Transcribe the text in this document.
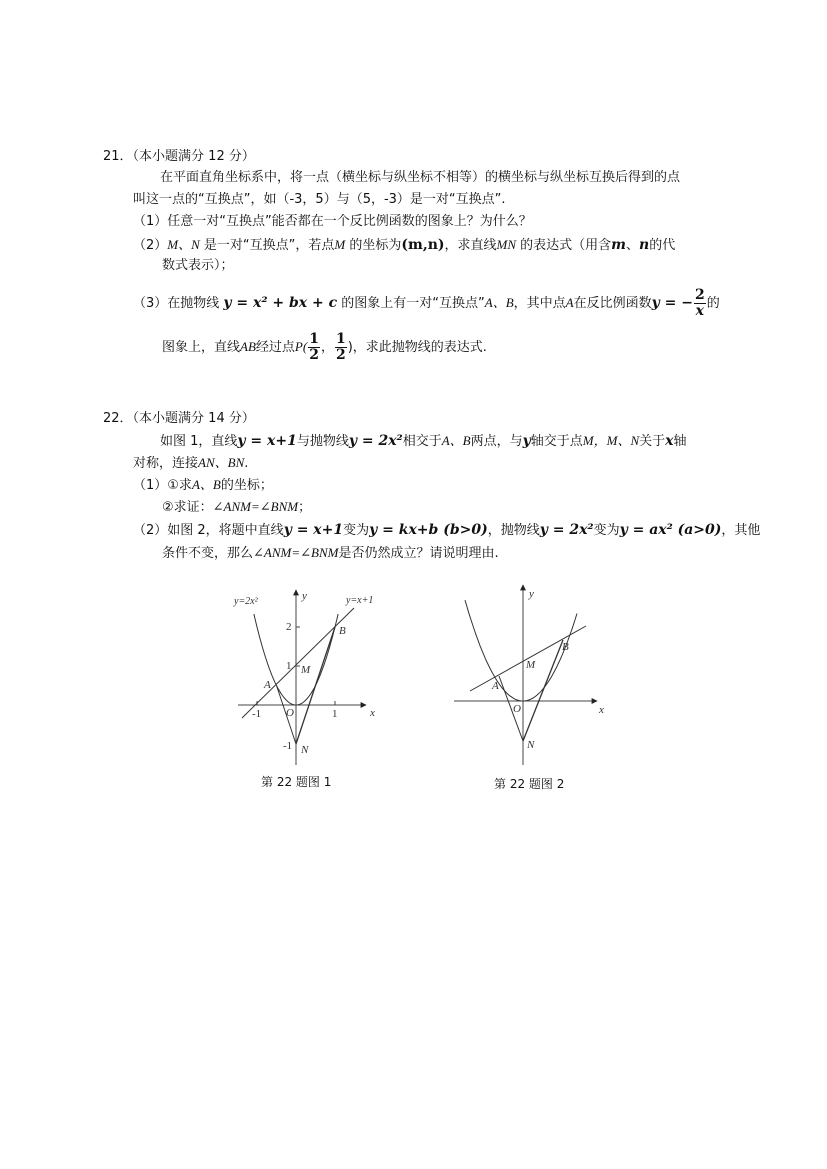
21．（本小题满分 12 分）
在平面直角坐标系中，将一点（横坐标与纵坐标不相等）的横坐标与纵坐标互换后得到的点
叫这一点的“互换点”，如（-3，5）与（5，-3）是一对“互换点”.
（1）任意一对“互换点”能否都在一个反比例函数的图象上？为什么？
（2）M、N 是一对“互换点”，若点M 的坐标为(m,n)，求直线MN 的表达式（用含m、n的代
数式表示）；
（3）在抛物线 y = x² + bx + c 的图象上有一对“互换点”A、B，其中点A在反比例函数y = − $\frac{2}{x}$ 的
图象上，直线AB经过点$P( \frac{1}{2}$ ， $\frac{1}{2}$ )，求此抛物线的表达式.
22．（本小题满分 14 分）
如图 1，直线y = x+1与抛物线y = 2x²相交于A、B两点，与y轴交于点M，M、N关于x轴
对称，连接AN、BN.
（1）①求A、B的坐标；
②求证：∠ANM=∠BNM；
（2）如图 2，将题中直线y = x+1变为y = kx+b (b>0)，抛物线y = 2x²变为y = ax² (a>0)，其他
条件不变，那么∠ANM=∠BNM是否仍然成立？请说明理由.
y=2x²	y=x+1
y
x
O
A
B
M
N
2
1
-1
-1	1
第 22 题图 1
y
x
O
A
B
M
N
第 22 题图 2
